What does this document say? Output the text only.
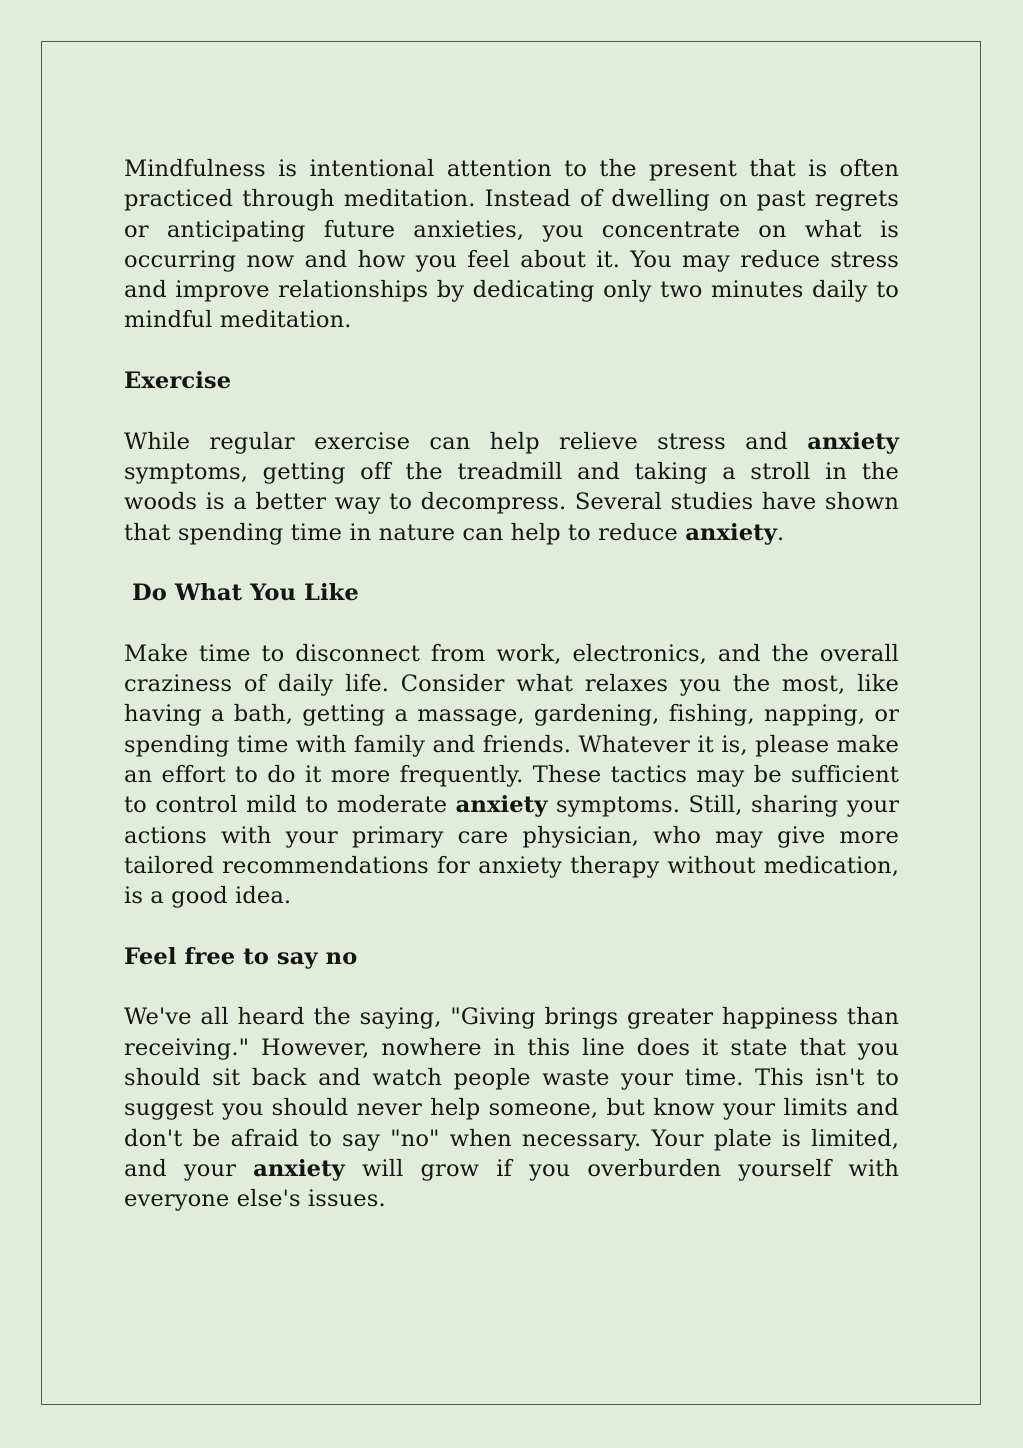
Mindfulness is intentional attention to the present that is often practiced through meditation. Instead of dwelling on past regrets or anticipating future anxieties, you concentrate on what is occurring now and how you feel about it. You may reduce stress and improve relationships by dedicating only two minutes daily to mindful meditation.

Exercise

While regular exercise can help relieve stress and anxiety symptoms, getting off the treadmill and taking a stroll in the woods is a better way to decompress. Several studies have shown that spending time in nature can help to reduce anxiety.

Do What You Like

Make time to disconnect from work, electronics, and the overall craziness of daily life. Consider what relaxes you the most, like having a bath, getting a massage, gardening, fishing, napping, or spending time with family and friends. Whatever it is, please make an effort to do it more frequently. These tactics may be sufficient to control mild to moderate anxiety symptoms. Still, sharing your actions with your primary care physician, who may give more tailored recommendations for anxiety therapy without medication, is a good idea.

Feel free to say no

We've all heard the saying, "Giving brings greater happiness than receiving." However, nowhere in this line does it state that you should sit back and watch people waste your time. This isn't to suggest you should never help someone, but know your limits and don't be afraid to say "no" when necessary. Your plate is limited, and your anxiety will grow if you overburden yourself with everyone else's issues.
